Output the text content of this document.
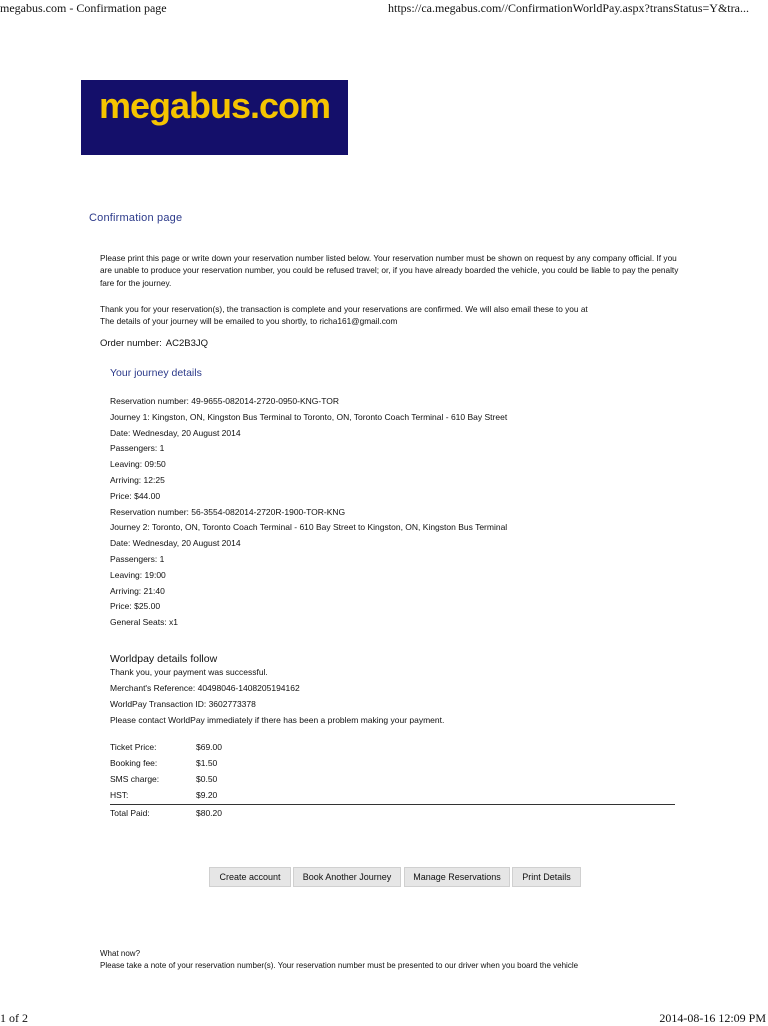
megabus.com - Confirmation page	https://ca.megabus.com//ConfirmationWorldPay.aspx?transStatus=Y&tra...
megabus.com
Confirmation page
Please print this page or write down your reservation number listed below. Your reservation number must be shown on request by any company official. If you are unable to produce your reservation number, you could be refused travel; or, if you have already boarded the vehicle, you could be liable to pay the penalty fare for the journey.
Thank you for your reservation(s), the transaction is complete and your reservations are confirmed. We will also email these to you at
The details of your journey will be emailed to you shortly, to richa161@gmail.com
Order number: AC2B3JQ
Your journey details
Reservation number: 49-9655-082014-2720-0950-KNG-TOR
Journey 1: Kingston, ON, Kingston Bus Terminal to Toronto, ON, Toronto Coach Terminal - 610 Bay Street
Date: Wednesday, 20 August 2014
Passengers: 1
Leaving: 09:50
Arriving: 12:25
Price: $44.00
Reservation number: 56-3554-082014-2720R-1900-TOR-KNG
Journey 2: Toronto, ON, Toronto Coach Terminal - 610 Bay Street to Kingston, ON, Kingston Bus Terminal
Date: Wednesday, 20 August 2014
Passengers: 1
Leaving: 19:00
Arriving: 21:40
Price: $25.00
General Seats: x1
Worldpay details follow
Thank you, your payment was successful.
Merchant's Reference: 40498046-1408205194162
WorldPay Transaction ID: 3602773378
Please contact WorldPay immediately if there has been a problem making your payment.
Ticket Price:	$69.00
Booking fee:	$1.50
SMS charge:	$0.50
HST:	$9.20
Total Paid:	$80.20
Create account	Book Another Journey	Manage Reservations	Print Details
What now?
Please take a note of your reservation number(s). Your reservation number must be presented to our driver when you board the vehicle
1 of 2	2014-08-16 12:09 PM
